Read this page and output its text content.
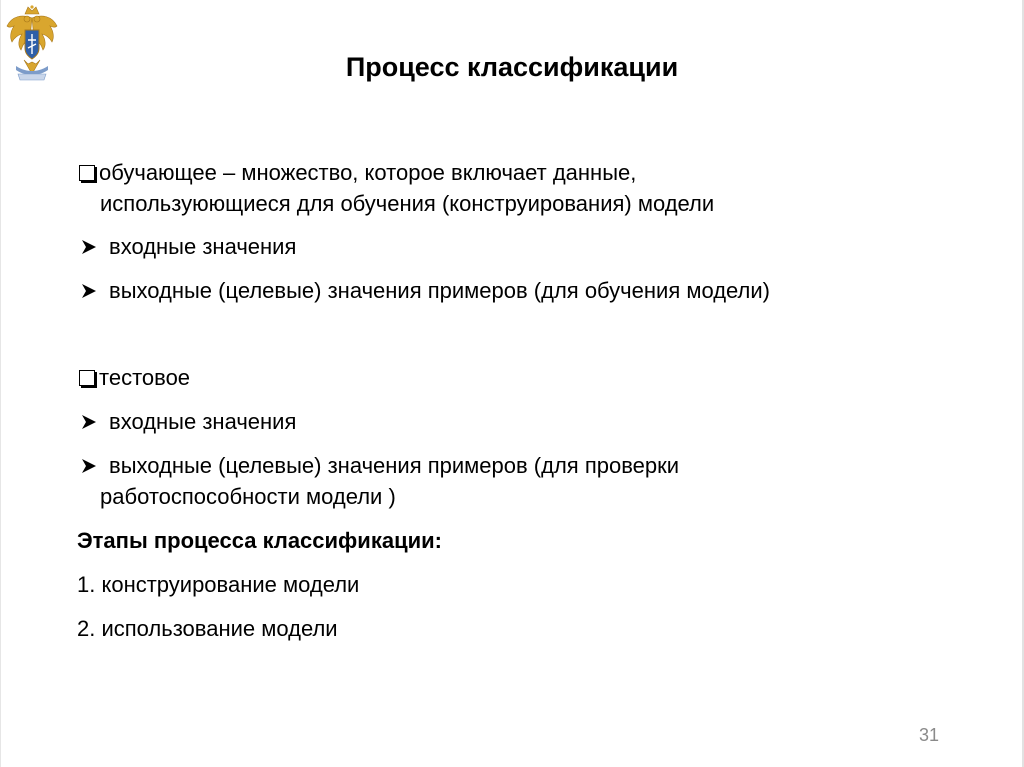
Процесс классификации
обучающее – множество, которое включает данные,
используюющиеся для обучения (конструирования) модели
входные значения
выходные (целевые) значения примеров (для обучения модели)
тестовое
входные значения
выходные (целевые) значения примеров (для проверки
работоспособности модели )
Этапы процесса классификации:
1. конструирование модели
2. использование модели
31
